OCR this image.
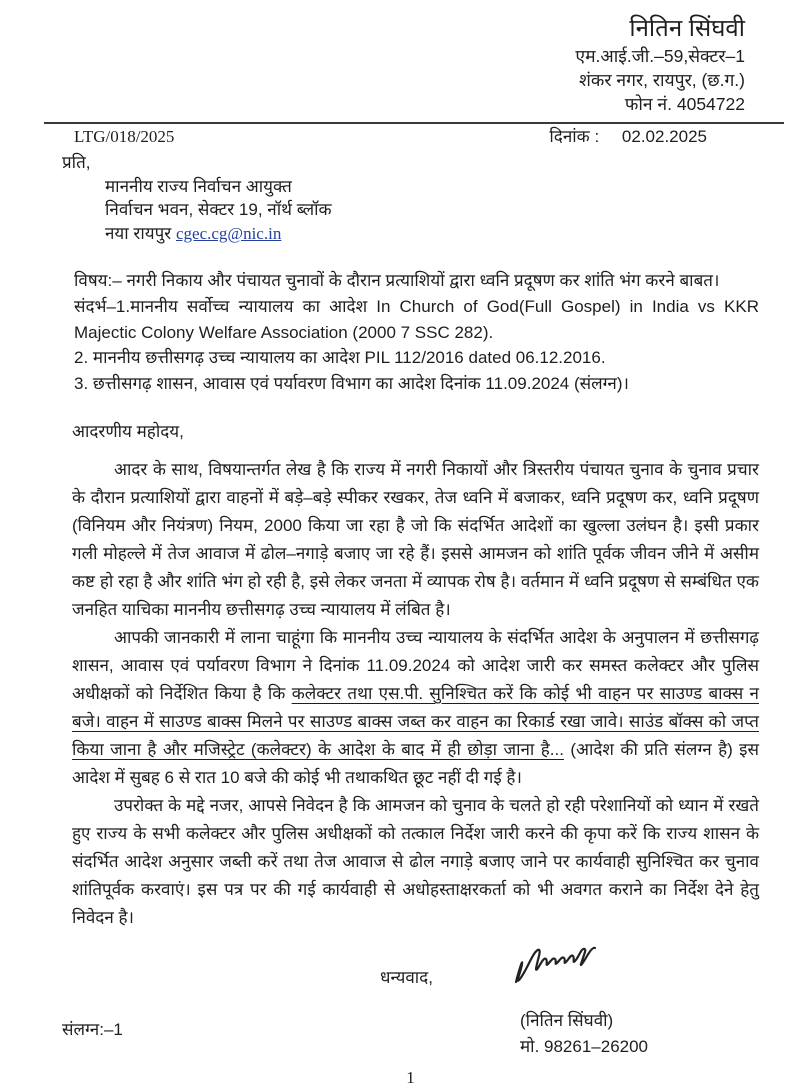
नितिन सिंघवी
एम.आई.जी.–59,सेक्टर–1
शंकर नगर, रायपुर, (छ.ग.)
फोन नं. 4054722
LTG/018/2025	दिनांक : 02.02.2025
प्रति,
माननीय राज्य निर्वाचन आयुक्त
निर्वाचन भवन, सेक्टर 19, नॉर्थ ब्लॉक
नया रायपुर cgec.cg@nic.in
विषय:– नगरी निकाय और पंचायत चुनावों के दौरान प्रत्याशियों द्वारा ध्वनि प्रदूषण कर शांति भंग करने बाबत।
संदर्भ–1.माननीय सर्वोच्च न्यायालय का आदेश In Church of God(Full Gospel) in India vs KKR Majectic Colony Welfare Association (2000 7 SSC 282).
2. माननीय छत्तीसगढ़ उच्च न्यायालय का आदेश PIL 112/2016 dated 06.12.2016.
3. छत्तीसगढ़ शासन, आवास एवं पर्यावरण विभाग का आदेश दिनांक 11.09.2024 (संलग्न)।
आदरणीय महोदय,

आदर के साथ, विषयान्तर्गत लेख है कि राज्य में नगरी निकायों और त्रिस्तरीय पंचायत चुनाव के चुनाव प्रचार के दौरान प्रत्याशियों द्वारा वाहनों में बड़े–बड़े स्पीकर रखकर, तेज ध्वनि में बजाकर, ध्वनि प्रदूषण कर, ध्वनि प्रदूषण (विनियम और नियंत्रण) नियम, 2000 किया जा रहा है जो कि संदर्भित आदेशों का खुल्ला उलंघन है। इसी प्रकार गली मोहल्ले में तेज आवाज में ढोल–नगाड़े बजाए जा रहे हैं। इससे आमजन को शांति पूर्वक जीवन जीने में असीम कष्ट हो रहा है और शांति भंग हो रही है, इसे लेकर जनता में व्यापक रोष है। वर्तमान में ध्वनि प्रदूषण से सम्बंधित एक जनहित याचिका माननीय छत्तीसगढ़ उच्च न्यायालय में लंबित है।

आपकी जानकारी में लाना चाहूंगा कि माननीय उच्च न्यायालय के संदर्भित आदेश के अनुपालन में छत्तीसगढ़ शासन, आवास एवं पर्यावरण विभाग ने दिनांक 11.09.2024 को आदेश जारी कर समस्त कलेक्टर और पुलिस अधीक्षकों को निर्देशित किया है कि कलेक्टर तथा एस.पी. सुनिश्चित करें कि कोई भी वाहन पर साउण्ड बाक्स न बजे। वाहन में साउण्ड बाक्स मिलने पर साउण्ड बाक्स जब्त कर वाहन का रिकार्ड रखा जावे। साउंड बॉक्स को जप्त किया जाना है और मजिस्ट्रेट (कलेक्टर) के आदेश के बाद में ही छोड़ा जाना है... (आदेश की प्रति संलग्न है) इस आदेश में सुबह 6 से रात 10 बजे की कोई भी तथाकथित छूट नहीं दी गई है।

उपरोक्त के मद्दे नजर, आपसे निवेदन है कि आमजन को चुनाव के चलते हो रही परेशानियों को ध्यान में रखते हुए राज्य के सभी कलेक्टर और पुलिस अधीक्षकों को तत्काल निर्देश जारी करने की कृपा करें कि राज्य शासन के संदर्भित आदेश अनुसार जब्ती करें तथा तेज आवाज से ढोल नगाड़े बजाए जाने पर कार्यवाही सुनिश्चित कर चुनाव शांतिपूर्वक करवाएं। इस पत्र पर की गई कार्यवाही से अधोहस्ताक्षरकर्ता को भी अवगत कराने का निर्देश देने हेतु निवेदन है।

धन्यवाद,
संलग्न:–1	(नितिन सिंघवी)
मो. 98261–26200
1
